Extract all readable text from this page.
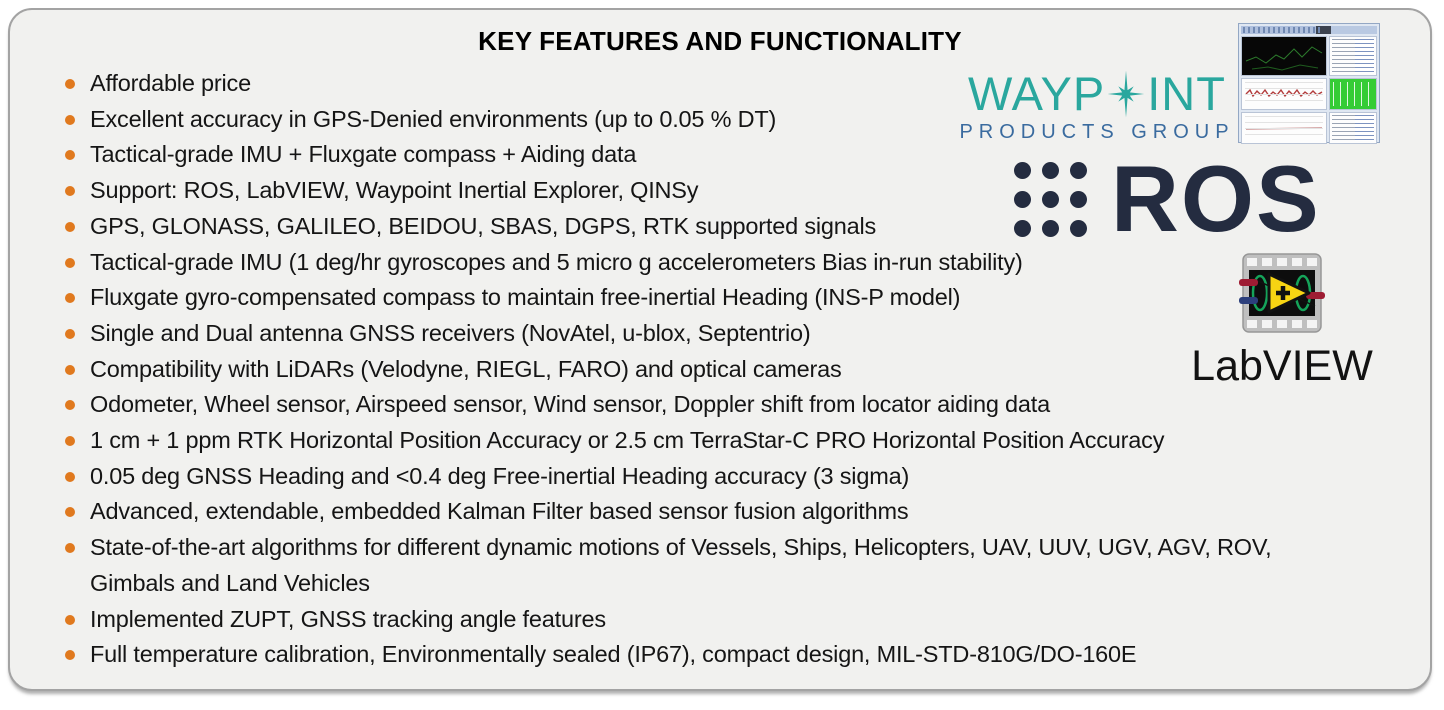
KEY FEATURES AND FUNCTIONALITY
Affordable price
Excellent accuracy in GPS-Denied environments (up to 0.05 % DT)
Tactical-grade IMU + Fluxgate compass + Aiding data
Support: ROS, LabVIEW, Waypoint Inertial Explorer, QINSy
GPS, GLONASS, GALILEO, BEIDOU, SBAS, DGPS, RTK supported signals
Tactical-grade IMU (1 deg/hr gyroscopes and 5 micro g accelerometers Bias in-run stability)
Fluxgate gyro-compensated compass to maintain free-inertial Heading (INS-P model)
Single and Dual antenna GNSS receivers (NovAtel, u-blox, Septentrio)
Compatibility with LiDARs (Velodyne, RIEGL, FARO) and optical cameras
Odometer, Wheel sensor, Airspeed sensor, Wind sensor, Doppler shift from locator aiding data
1 cm + 1 ppm RTK Horizontal Position Accuracy or 2.5 cm TerraStar-C PRO Horizontal Position Accuracy
0.05 deg GNSS Heading and <0.4 deg Free-inertial Heading accuracy (3 sigma)
Advanced, extendable, embedded Kalman Filter based sensor fusion algorithms
State-of-the-art algorithms for different dynamic motions of Vessels, Ships, Helicopters, UAV, UUV, UGV, AGV, ROV,
Gimbals and Land Vehicles
Implemented ZUPT, GNSS tracking angle features
Full temperature calibration, Environmentally sealed (IP67), compact design, MIL-STD-810G/DO-160E
WAYP INT
PRODUCTS GROUP
ROS
LabVIEW
